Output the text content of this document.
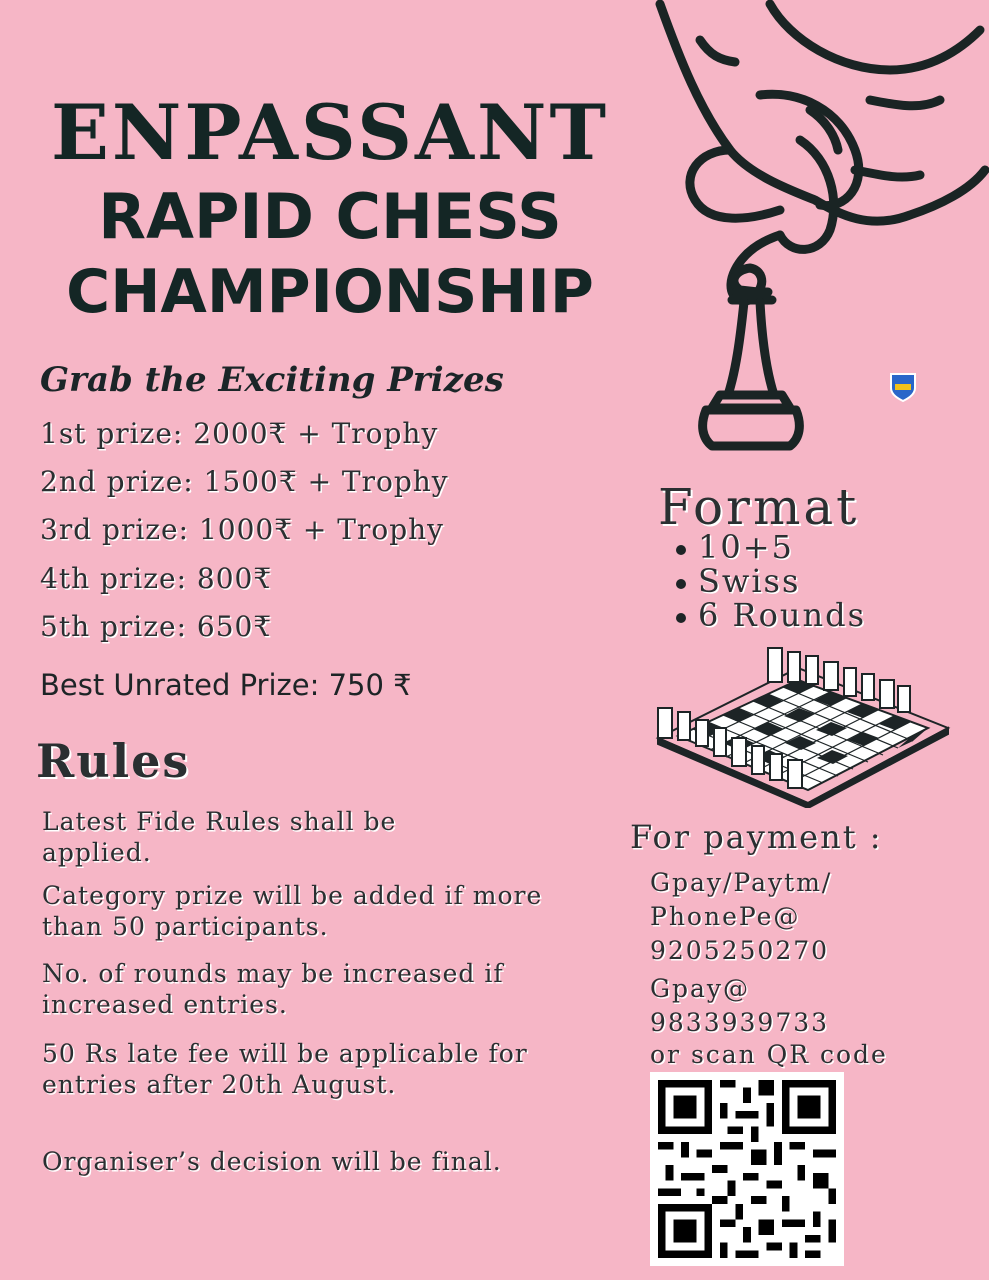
ENPASSANT
RAPID CHESS
CHAMPIONSHIP
Grab the Exciting Prizes
1st prize: 2000₹ + Trophy
2nd prize: 1500₹ + Trophy
3rd prize: 1000₹ + Trophy
4th prize: 800₹
5th prize: 650₹
Best Unrated Prize: 750 ₹
Rules
Latest Fide Rules shall be applied.
Category prize will be added if more than 50 participants.
No. of rounds may be increased if increased entries.
50 Rs late fee will be applicable for entries after 20th August.
Organiser’s decision will be final.
Format
10+5
Swiss
6 Rounds
For payment :
Gpay/Paytm/
PhonePe@
9205250270
Gpay@
9833939733
or scan QR code
